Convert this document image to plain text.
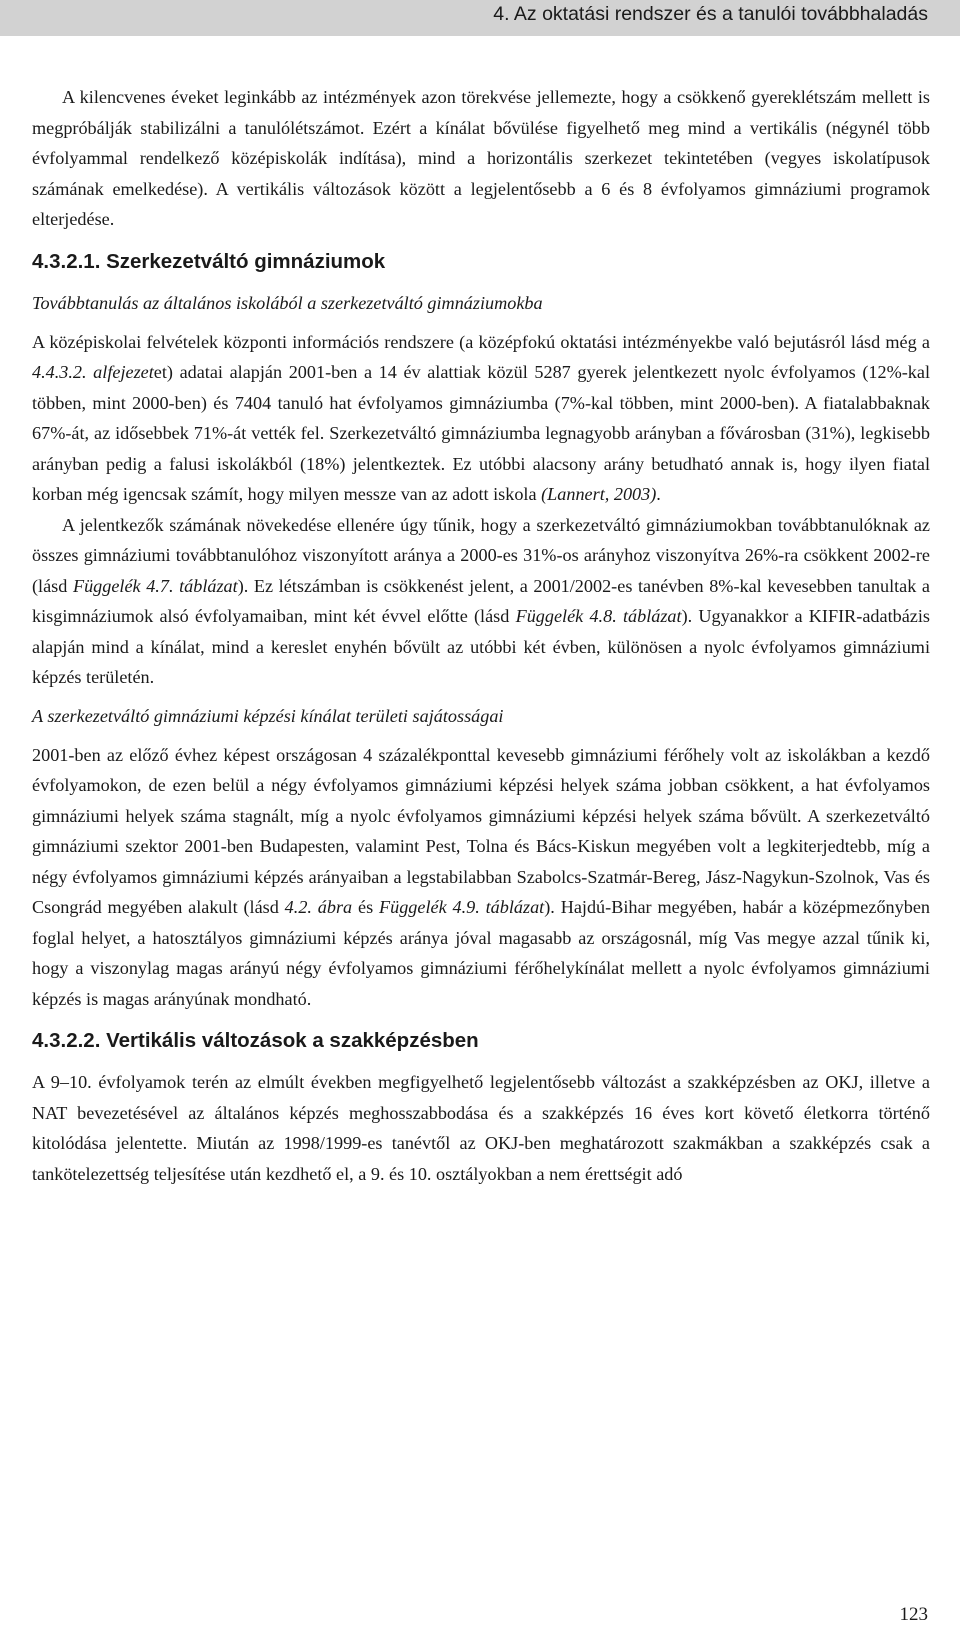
4. Az oktatási rendszer és a tanulói továbbhaladás

A kilencvenes éveket leginkább az intézmények azon törekvése jellemezte, hogy a csökkenő gyereklétszám mellett is megpróbálják stabilizálni a tanulólétszámot. Ezért a kínálat bővülése figyelhető meg mind a vertikális (négynél több évfolyammal rendelkező középiskolák indítása), mind a horizontális szerkezet tekintetében (vegyes iskolatípusok számának emelkedése). A vertikális változások között a legjelentősebb a 6 és 8 évfolyamos gimnáziumi programok elterjedése.

4.3.2.1. Szerkezetváltó gimnáziumok
Továbbtanulás az általános iskolából a szerkezetváltó gimnáziumokba

A középiskolai felvételek központi információs rendszere (a középfokú oktatási intézményekbe való bejutásról lásd még a 4.4.3.2. alfejezetet) adatai alapján 2001-ben a 14 év alattiak közül 5287 gyerek jelentkezett nyolc évfolyamos (12%-kal többen, mint 2000-ben) és 7404 tanuló hat évfolyamos gimnáziumba (7%-kal többen, mint 2000-ben). A fiatalabbaknak 67%-át, az idősebbek 71%-át vették fel. Szerkezetváltó gimnáziumba legnagyobb arányban a fővárosban (31%), legkisebb arányban pedig a falusi iskolákból (18%) jelentkeztek. Ez utóbbi alacsony arány betudható annak is, hogy ilyen fiatal korban még igencsak számít, hogy milyen messze van az adott iskola (Lannert, 2003).

A jelentkezők számának növekedése ellenére úgy tűnik, hogy a szerkezetváltó gimnáziumokban továbbtanulóknak az összes gimnáziumi továbbtanulóhoz viszonyított aránya a 2000-es 31%-os arányhoz viszonyítva 26%-ra csökkent 2002-re (lásd Függelék 4.7. táblázat). Ez létszámban is csökkenést jelent, a 2001/2002-es tanévben 8%-kal kevesebben tanultak a kisgimnáziumok alsó évfolyamaiban, mint két évvel előtte (lásd Függelék 4.8. táblázat). Ugyanakkor a KIFIR-adatbázis alapján mind a kínálat, mind a kereslet enyhén bővült az utóbbi két évben, különösen a nyolc évfolyamos gimnáziumi képzés területén.

A szerkezetváltó gimnáziumi képzési kínálat területi sajátosságai

2001-ben az előző évhez képest országosan 4 százalékponttal kevesebb gimnáziumi férőhely volt az iskolákban a kezdő évfolyamokon, de ezen belül a négy évfolyamos gimnáziumi képzési helyek száma jobban csökkent, a hat évfolyamos gimnáziumi helyek száma stagnált, míg a nyolc évfolyamos gimnáziumi képzési helyek száma bővült. A szerkezetváltó gimnáziumi szektor 2001-ben Budapesten, valamint Pest, Tolna és Bács-Kiskun megyében volt a legkiterjedtebb, míg a négy évfolyamos gimnáziumi képzés arányaiban a legstabilabban Szabolcs-Szatmár-Bereg, Jász-Nagykun-Szolnok, Vas és Csongrád megyében alakult (lásd 4.2. ábra és Függelék 4.9. táblázat). Hajdú-Bihar megyében, habár a középmezőnyben foglal helyet, a hatosztályos gimnáziumi képzés aránya jóval magasabb az országosnál, míg Vas megye azzal tűnik ki, hogy a viszonylag magas arányú négy évfolyamos gimnáziumi férőhelykínálat mellett a nyolc évfolyamos gimnáziumi képzés is magas arányúnak mondható.

4.3.2.2. Vertikális változások a szakképzésben

A 9–10. évfolyamok terén az elmúlt években megfigyelhető legjelentősebb változást a szakképzésben az OKJ, illetve a NAT bevezetésével az általános képzés meghosszabbodása és a szakképzés 16 éves kort követő életkorra történő kitolódása jelentette. Miután az 1998/1999-es tanévtől az OKJ-ben meghatározott szakmákban a szakképzés csak a tankötelezettség teljesítése után kezdhető el, a 9. és 10. osztályokban a nem érettségit adó

123
